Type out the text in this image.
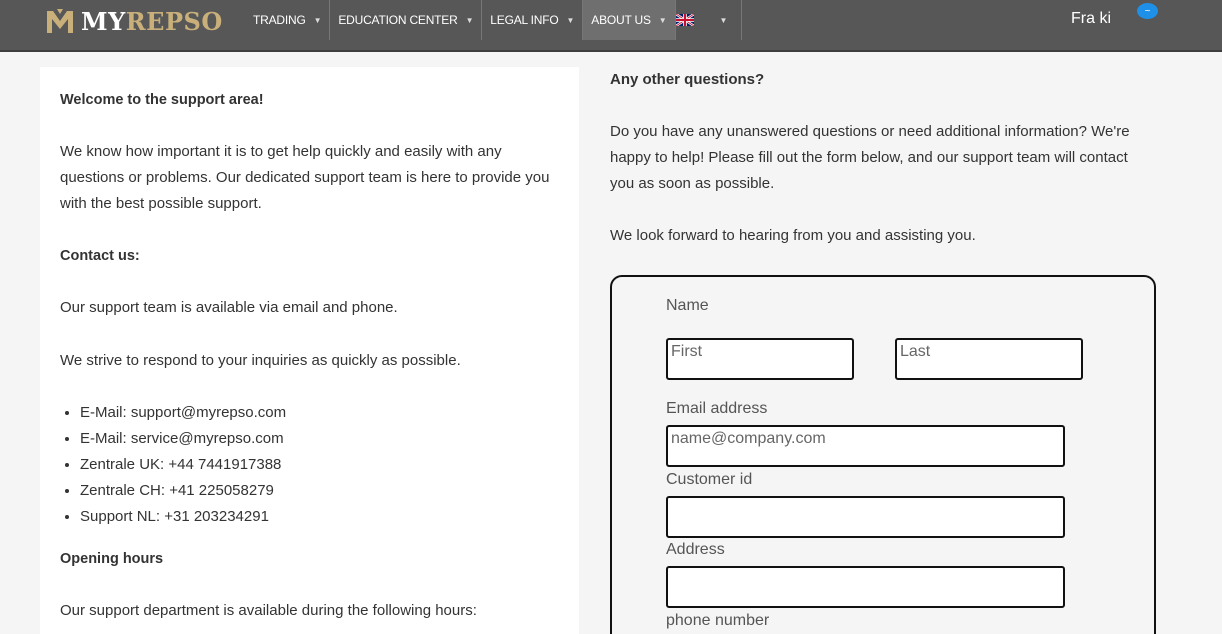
MYREPSO	TRADING ▼ EDUCATION CENTER ▼ LEGAL INFO ▼ ABOUT US ▼	▼	Fra ki	~
Welcome to the support area!
We know how important it is to get help quickly and easily with any
questions or problems. Our dedicated support team is here to provide you
with the best possible support.
Contact us:
Our support team is available via email and phone.
We strive to respond to your inquiries as quickly as possible.
• E-Mail: support@myrepso.com
• E-Mail: service@myrepso.com
• Zentrale UK: +44 7441917388
• Zentrale CH: +41 225058279
• Support NL: +31 203234291
Opening hours
Our support department is available during the following hours:
Any other questions?
Do you have any unanswered questions or need additional information? We're
happy to help! Please fill out the form below, and our support team will contact
you as soon as possible.
We look forward to hearing from you and assisting you.
Name
First
Last
Email address
name@company.com
Customer id
Address
phone number
